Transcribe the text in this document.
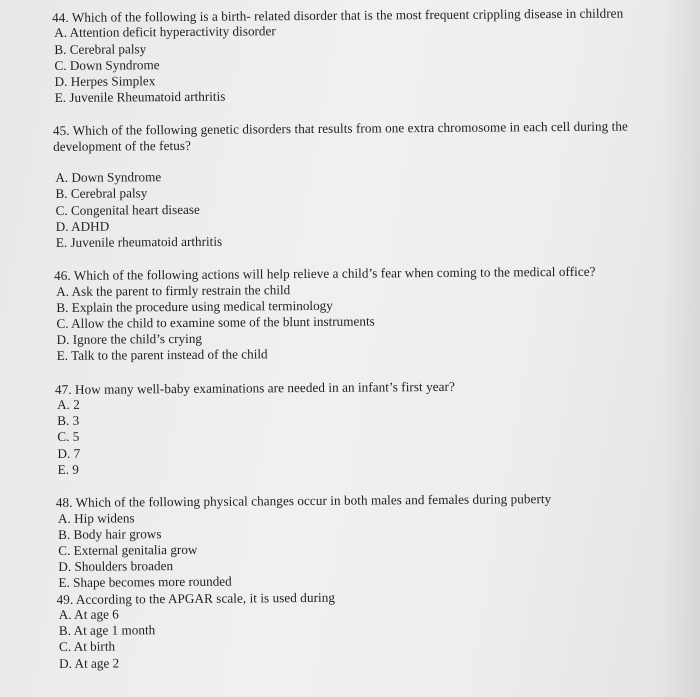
44. Which of the following is a birth- related disorder that is the most frequent crippling disease in children

A. Attention deficit hyperactivity disorder
B. Cerebral palsy
C. Down Syndrome
D. Herpes Simplex
E. Juvenile Rheumatoid arthritis

45. Which of the following genetic disorders that results from one extra chromosome in each cell during the development of the fetus?

A. Down Syndrome
B. Cerebral palsy
C. Congenital heart disease
D. ADHD
E. Juvenile rheumatoid arthritis

46. Which of the following actions will help relieve a child’s fear when coming to the medical office?

A. Ask the parent to firmly restrain the child
B. Explain the procedure using medical terminology
C. Allow the child to examine some of the blunt instruments
D. Ignore the child’s crying
E. Talk to the parent instead of the child

47. How many well-baby examinations are needed in an infant’s first year?

A. 2
B. 3
C. 5
D. 7
E. 9

48. Which of the following physical changes occur in both males and females during puberty

A. Hip widens
B. Body hair grows
C. External genitalia grow
D. Shoulders broaden
E. Shape becomes more rounded

49. According to the APGAR scale, it is used during

A. At age 6
B. At age 1 month
C. At birth
D. At age 2
